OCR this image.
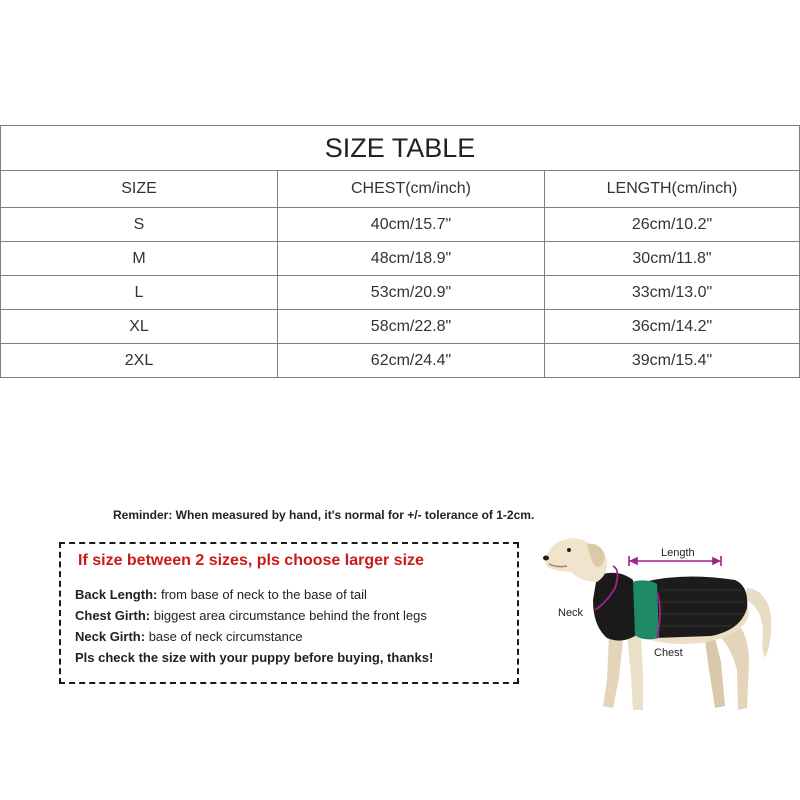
SIZE TABLE		
SIZE	CHEST(cm/inch)	LENGTH(cm/inch)
S	40cm/15.7"	26cm/10.2"
M	48cm/18.9"	30cm/11.8"
L	53cm/20.9"	33cm/13.0"
XL	58cm/22.8"	36cm/14.2"
2XL	62cm/24.4"	39cm/15.4"
Reminder: When measured by hand, it's normal for +/- tolerance of 1-2cm.
If size between 2 sizes, pls choose larger size
Back Length: from base of neck to the base of tail
Chest Girth: biggest area circumstance behind the front legs
Neck Girth: base of neck circumstance
Pls check the size with your puppy before buying, thanks!
Length
Neck
Chest
